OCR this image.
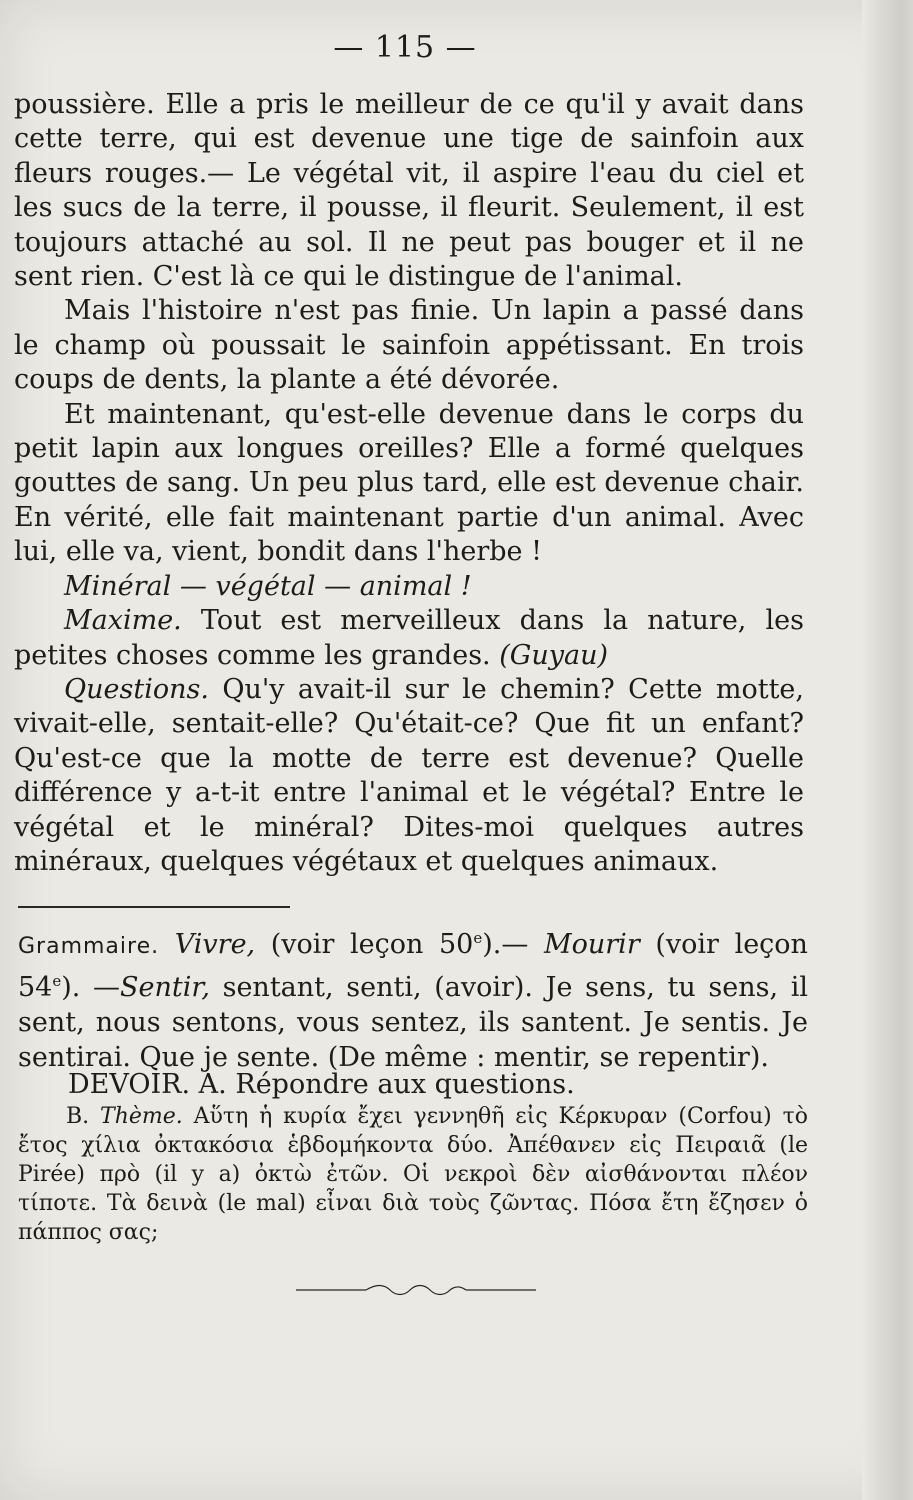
— 115 —

poussière. Elle a pris le meilleur de ce qu'il y avait dans cette terre, qui est devenue une tige de sainfoin aux fleurs rouges.— Le végétal vit, il aspire l'eau du ciel et les sucs de la terre, il pousse, il fleurit. Seulement, il est toujours attaché au sol. Il ne peut pas bouger et il ne sent rien. C'est là ce qui le distingue de l'animal.

Mais l'histoire n'est pas finie. Un lapin a passé dans le champ où poussait le sainfoin appétissant. En trois coups de dents, la plante a été dévorée.

Et maintenant, qu'est-elle devenue dans le corps du petit lapin aux longues oreilles? Elle a formé quelques gouttes de sang. Un peu plus tard, elle est devenue chair. En vérité, elle fait maintenant partie d'un animal. Avec lui, elle va, vient, bondit dans l'herbe !

Minéral — végétal — animal !

Maxime. Tout est merveilleux dans la nature, les petites choses comme les grandes. (Guyau)

Questions. Qu'y avait-il sur le chemin? Cette motte, vivait-elle, sentait-elle? Qu'était-ce? Que fit un enfant? Qu'est-ce que la motte de terre est devenue? Quelle différence y a-t-it entre l'animal et le végétal? Entre le végétal et le minéral? Dites-moi quelques autres minéraux, quelques végétaux et quelques animaux.

Grammaire. Vivre, (voir leçon 50e).— Mourir (voir leçon 54e). —Sentir, sentant, senti, (avoir). Je sens, tu sens, il sent, nous sentons, vous sentez, ils santent. Je sentis. Je sentirai. Que je sente. (De même : mentir, se repentir).

DEVOIR. A. Répondre aux questions.

B. Thème. Αὕτη ἡ κυρία ἔχει γεννηθῆ εἰς Κέρκυραν (Corfou) τὸ ἔτος χίλια ὀκτακόσια ἑβδομήκοντα δύο. Ἀπέθανεν εἰς Πειραιᾶ (le Pirée) πρὸ (il y a) ὀκτὼ ἐτῶν. Οἱ νεκροὶ δὲν αἰσθάνονται πλέον τίποτε. Τὰ δεινὰ (le mal) εἶναι διὰ τοὺς ζῶντας. Πόσα ἔτη ἔζησεν ὁ πάππος σας;
